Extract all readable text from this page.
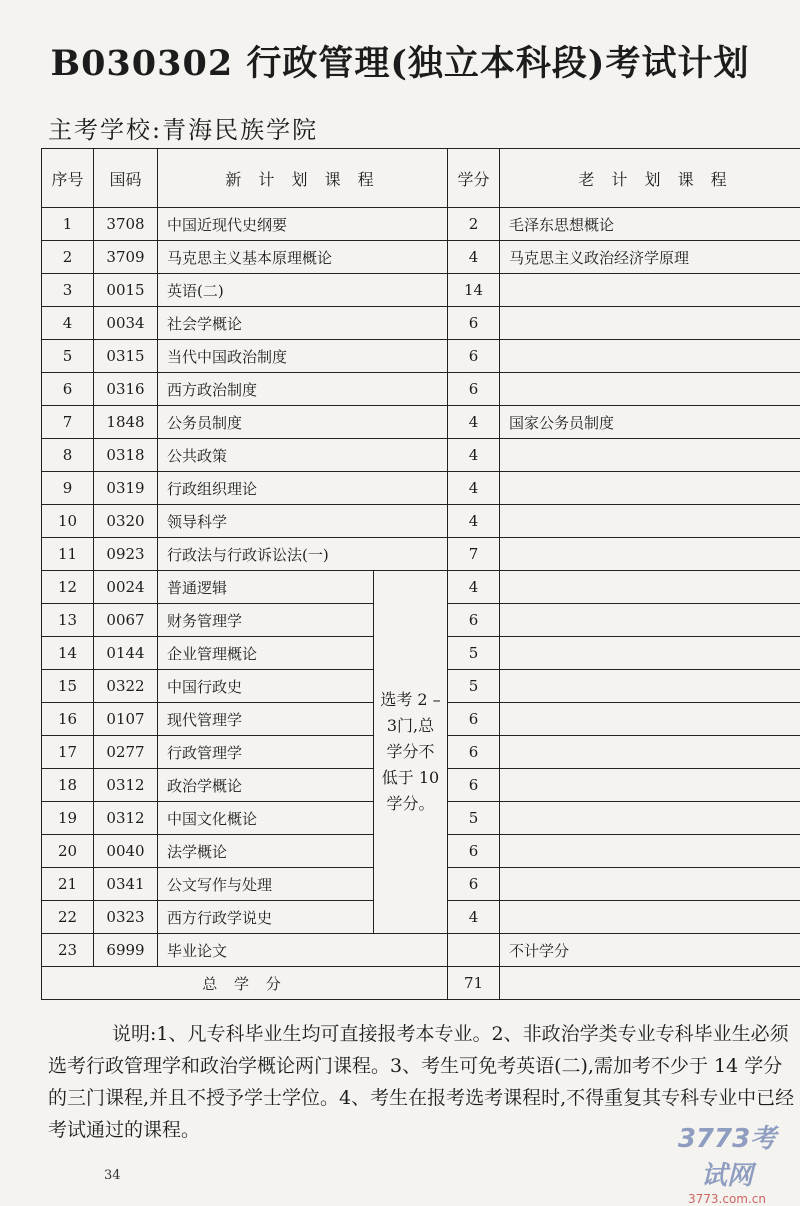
B030302 行政管理(独立本科段)考试计划
主考学校:青海民族学院
序号	国码	新 计 划 课 程		学分	老 计 划 课 程
1	3708	中国近现代史纲要		2	毛泽东思想概论
2	3709	马克思主义基本原理概论		4	马克思主义政治经济学原理
3	0015	英语(二)		14	
4	0034	社会学概论		6	
5	0315	当代中国政治制度		6	
6	0316	西方政治制度		6	
7	1848	公务员制度		4	国家公务员制度
8	0318	公共政策		4	
9	0319	行政组织理论		4	
10	0320	领导科学		4	
11	0923	行政法与行政诉讼法(一)		7	
12	0024	普通逻辑	选考 2 –3门,总学分不低于 10 学分。	4	
13	0067	财务管理学		6	
14	0144	企业管理概论		5	
15	0322	中国行政史		5	
16	0107	现代管理学		6	
17	0277	行政管理学		6	
18	0312	政治学概论		6	
19	0312	中国文化概论		5	
20	0040	法学概论		6	
21	0341	公文写作与处理		6	
22	0323	西方行政学说史		4	
23	6999	毕业论文			不计学分
总 学 分				71	
说明:1、凡专科毕业生均可直接报考本专业。2、非政治学类专业专科毕业生必须选考行政管理学和政治学概论两门课程。3、考生可免考英语(二),需加考不少于 14 学分的三门课程,并且不授予学士学位。4、考生在报考选考课程时,不得重复其专科专业中已经考试通过的课程。
34
3773考试网
3773.com.cn
